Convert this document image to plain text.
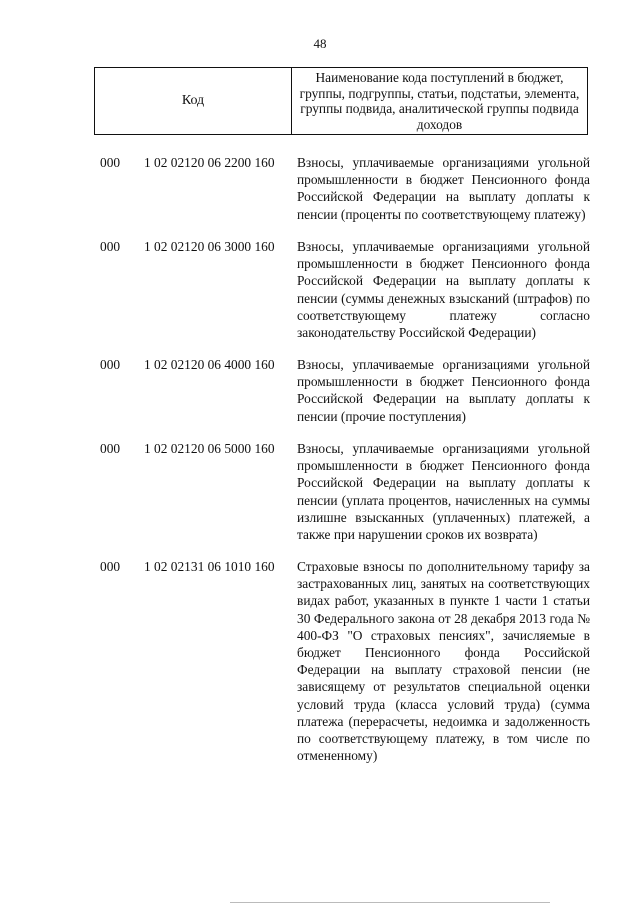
48
Код
Наименование кода поступлений в бюджет, группы, подгруппы, статьи, подстатьи, элемента, группы подвида, аналитической группы подвида доходов
000	1 02 02120 06 2200 160	Взносы, уплачиваемые организациями угольной промышленности в бюджет Пенсионного фонда Российской Федерации на выплату доплаты к пенсии (проценты по соответствующему платежу)
000	1 02 02120 06 3000 160	Взносы, уплачиваемые организациями угольной промышленности в бюджет Пенсионного фонда Российской Федерации на выплату доплаты к пенсии (суммы денежных взысканий (штрафов) по соответствующему платежу согласно законодательству Российской Федерации)
000	1 02 02120 06 4000 160	Взносы, уплачиваемые организациями угольной промышленности в бюджет Пенсионного фонда Российской Федерации на выплату доплаты к пенсии (прочие поступления)
000	1 02 02120 06 5000 160	Взносы, уплачиваемые организациями угольной промышленности в бюджет Пенсионного фонда Российской Федерации на выплату доплаты к пенсии (уплата процентов, начисленных на суммы излишне взысканных (уплаченных) платежей, а также при нарушении сроков их возврата)
000	1 02 02131 06 1010 160	Страховые взносы по дополнительному тарифу за застрахованных лиц, занятых на соответствующих видах работ, указанных в пункте 1 части 1 статьи 30 Федерального закона от 28 декабря 2013 года № 400-ФЗ "О страховых пенсиях", зачисляемые в бюджет Пенсионного фонда Российской Федерации на выплату страховой пенсии (не зависящему от результатов специальной оценки условий труда (класса условий труда) (сумма платежа (перерасчеты, недоимка и задолженность по соответствующему платежу, в том числе по отмененному)
